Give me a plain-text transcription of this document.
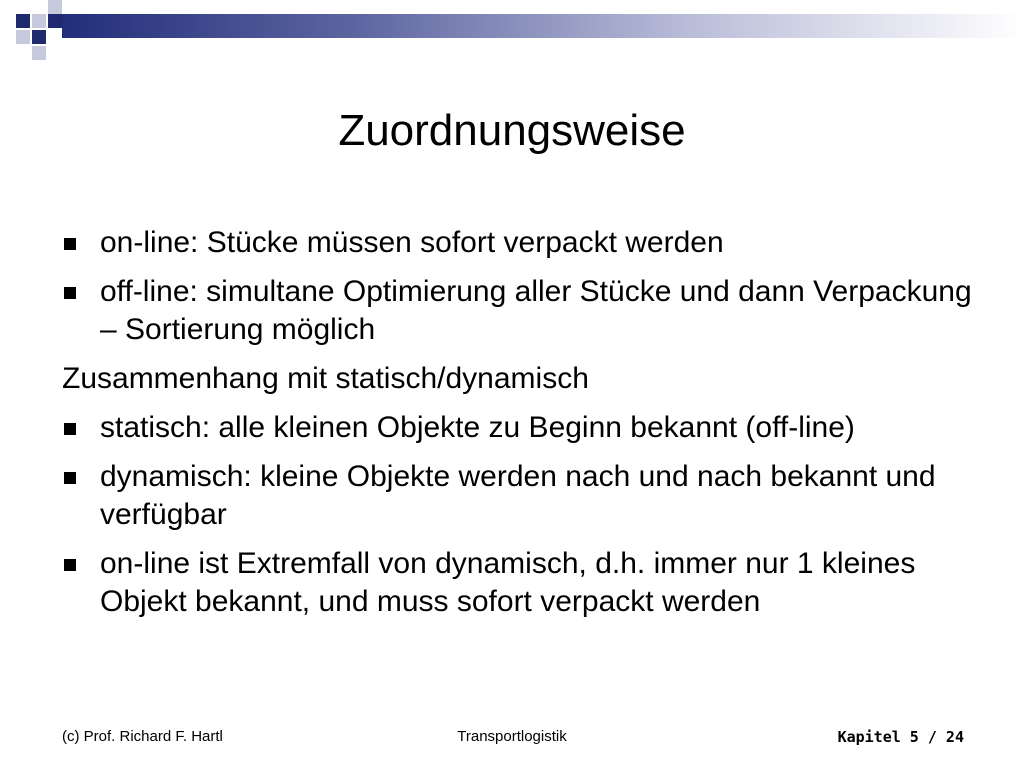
Zuordnungsweise
on-line: Stücke müssen sofort verpackt werden
off-line: simultane Optimierung aller Stücke und dann Verpackung – Sortierung möglich
Zusammenhang mit statisch/dynamisch
statisch: alle kleinen Objekte zu Beginn bekannt (off-line)
dynamisch: kleine Objekte werden nach und nach bekannt und verfügbar
on-line ist Extremfall von dynamisch, d.h. immer nur 1 kleines Objekt bekannt, und muss sofort verpackt werden
(c) Prof. Richard F. Hartl	Transportlogistik	Kapitel 5 / 24
